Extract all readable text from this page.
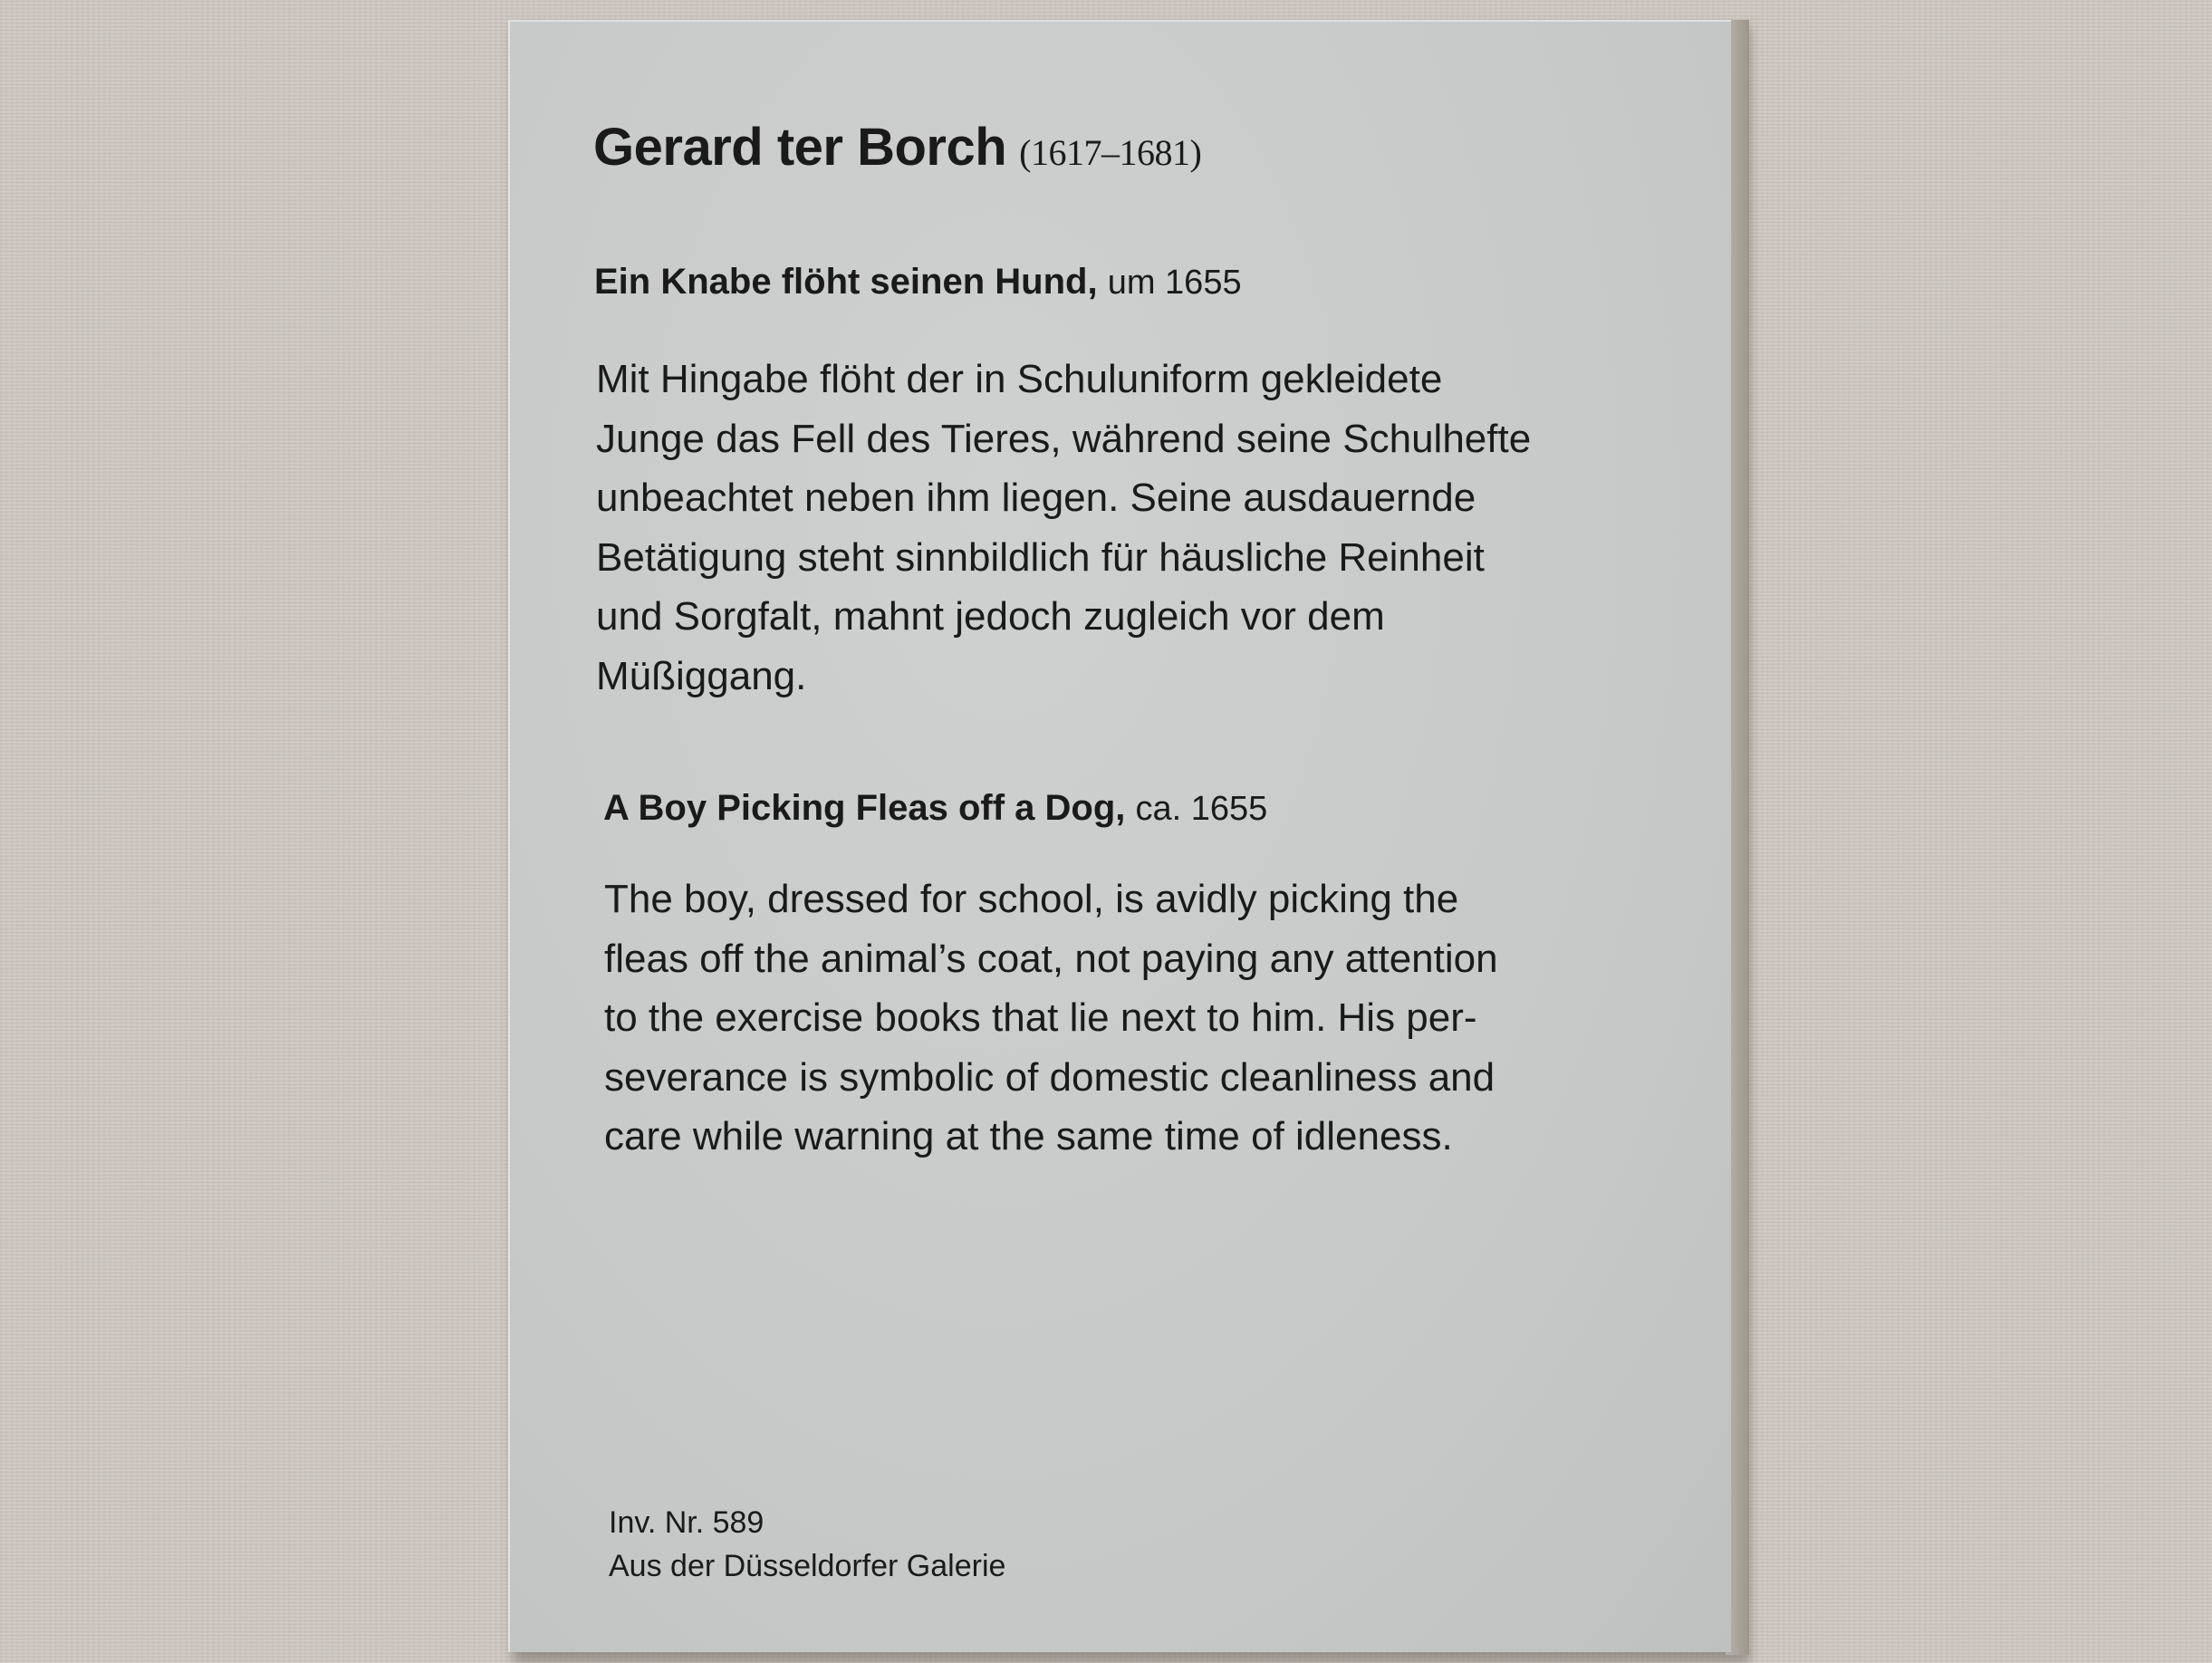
Gerard ter Borch (1617–1681)
Ein Knabe flöht seinen Hund, um 1655
Mit Hingabe flöht der in Schuluniform gekleidete
Junge das Fell des Tieres, während seine Schulhefte
unbeachtet neben ihm liegen. Seine ausdauernde
Betätigung steht sinnbildlich für häusliche Reinheit
und Sorgfalt, mahnt jedoch zugleich vor dem
Müßiggang.
A Boy Picking Fleas off a Dog, ca. 1655
The boy, dressed for school, is avidly picking the
fleas off the animal’s coat, not paying any attention
to the exercise books that lie next to him. His per-
severance is symbolic of domestic cleanliness and
care while warning at the same time of idleness.
Inv. Nr. 589
Aus der Düsseldorfer Galerie
